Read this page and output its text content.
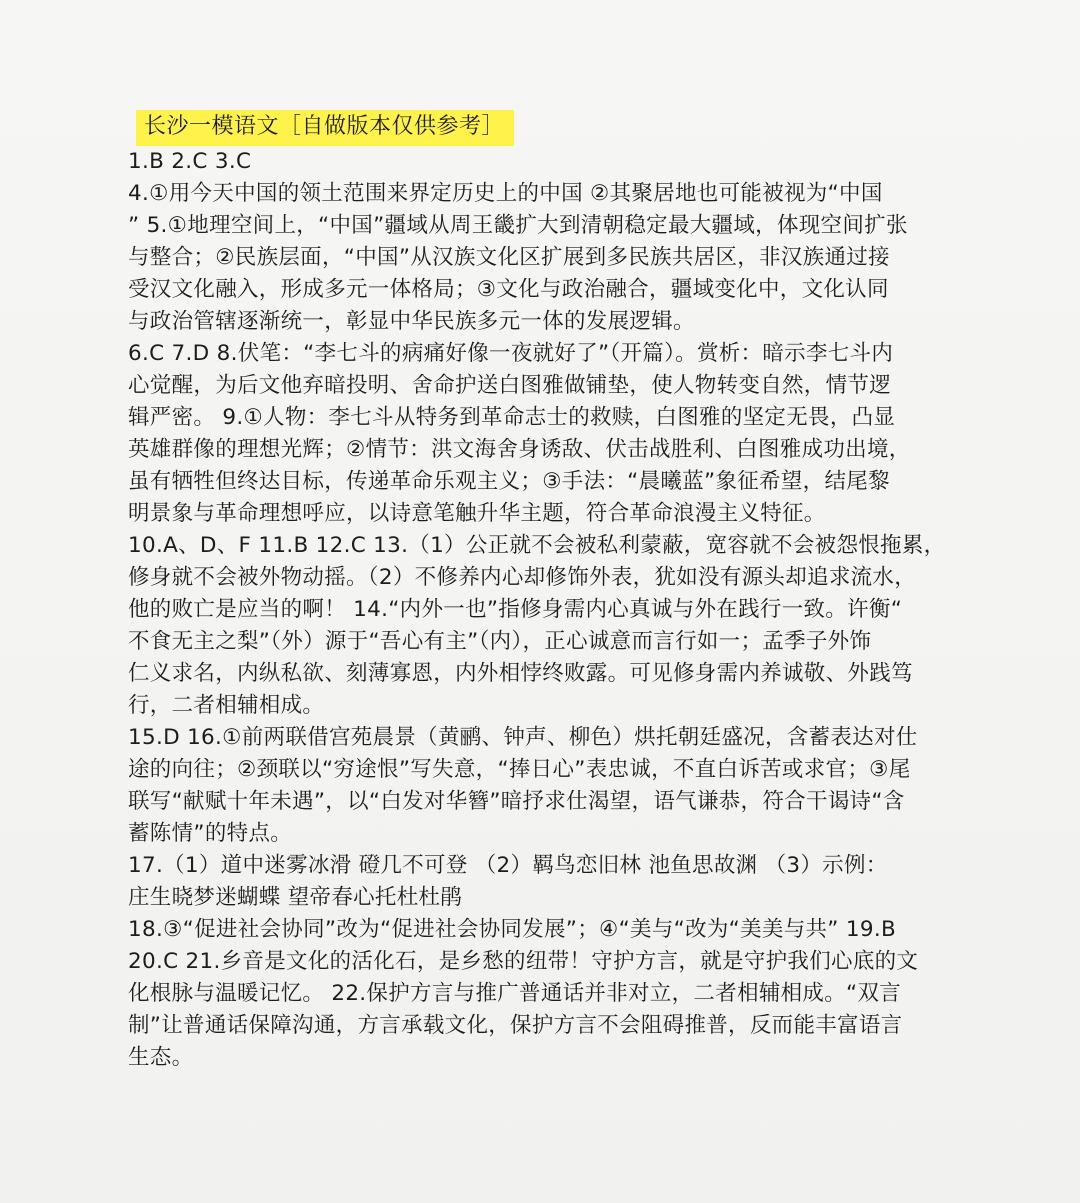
长沙一模语文［自做版本仅供参考］
1.B 2.C 3.C
4.①用今天中国的领土范围来界定历史上的中国 ②其聚居地也可能被视为“中国
” 5.①地理空间上，“中国”疆域从周王畿扩大到清朝稳定最大疆域，体现空间扩张
与整合；②民族层面，“中国”从汉族文化区扩展到多民族共居区，非汉族通过接
受汉文化融入，形成多元一体格局；③文化与政治融合，疆域变化中，文化认同
与政治管辖逐渐统一，彰显中华民族多元一体的发展逻辑。
6.C 7.D 8.伏笔：“李七斗的病痛好像一夜就好了”（开篇）。赏析：暗示李七斗内
心觉醒，为后文他弃暗投明、舍命护送白图雅做铺垫，使人物转变自然，情节逻
辑严密。 9.①人物：李七斗从特务到革命志士的救赎，白图雅的坚定无畏，凸显
英雄群像的理想光辉；②情节：洪文海舍身诱敌、伏击战胜利、白图雅成功出境，
虽有牺牲但终达目标，传递革命乐观主义；③手法：“晨曦蓝”象征希望，结尾黎
明景象与革命理想呼应，以诗意笔触升华主题，符合革命浪漫主义特征。
10.A、D、F 11.B 12.C 13.（1）公正就不会被私利蒙蔽，宽容就不会被怨恨拖累，
修身就不会被外物动摇。（2）不修养内心却修饰外表，犹如没有源头却追求流水，
他的败亡是应当的啊！ 14.“内外一也”指修身需内心真诚与外在践行一致。许衡“
不食无主之梨”（外）源于“吾心有主”（内），正心诚意而言行如一；孟季子外饰
仁义求名，内纵私欲、刻薄寡恩，内外相悖终败露。可见修身需内养诚敬、外践笃
行，二者相辅相成。
15.D 16.①前两联借宫苑晨景（黄鹂、钟声、柳色）烘托朝廷盛况，含蓄表达对仕
途的向往；②颈联以“穷途恨”写失意，“捧日心”表忠诚，不直白诉苦或求官；③尾
联写“献赋十年未遇”，以“白发对华簪”暗抒求仕渴望，语气谦恭，符合干谒诗“含
蓄陈情”的特点。
17.（1）道中迷雾冰滑 磴几不可登 （2）羁鸟恋旧林 池鱼思故渊 （3）示例：
庄生晓梦迷蝴蝶 望帝春心托杜杜鹃
18.③“促进社会协同”改为“促进社会协同发展”；④“美与“改为“美美与共” 19.B
20.C 21.乡音是文化的活化石，是乡愁的纽带！守护方言，就是守护我们心底的文
化根脉与温暖记忆。 22.保护方言与推广普通话并非对立，二者相辅相成。“双言
制”让普通话保障沟通，方言承载文化，保护方言不会阻碍推普，反而能丰富语言
生态。
